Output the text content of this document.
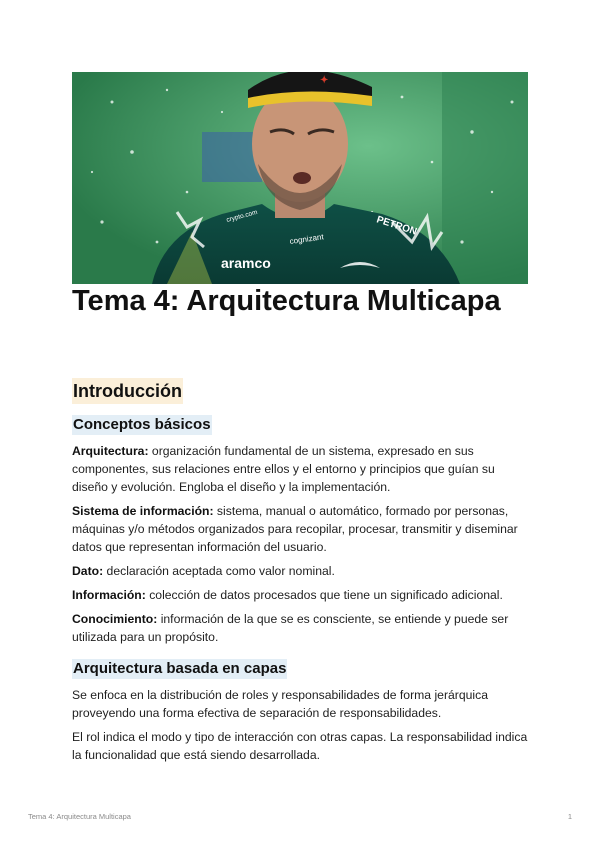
✦
aramco
PETRON
cognizant
crypto.com
Tema 4: Arquitectura Multicapa
Introducción
Conceptos básicos

Arquitectura: organización fundamental de un sistema, expresado en sus componentes, sus relaciones entre ellos y el entorno y principios que guían su diseño y evolución. Engloba el diseño y la implementación.

Sistema de información: sistema, manual o automático, formado por personas, máquinas y/o métodos organizados para recopilar, procesar, transmitir y diseminar datos que representan información del usuario.

Dato: declaración aceptada como valor nominal.

Información: colección de datos procesados que tiene un significado adicional.

Conocimiento: información de la que se es consciente, se entiende y puede ser utilizada para un propósito.

Arquitectura basada en capas

Se enfoca en la distribución de roles y responsabilidades de forma jerárquica proveyendo una forma efectiva de separación de responsabilidades.

El rol indica el modo y tipo de interacción con otras capas. La responsabilidad indica la funcionalidad que está siendo desarrollada.

Tema 4: Arquitectura Multicapa	1
